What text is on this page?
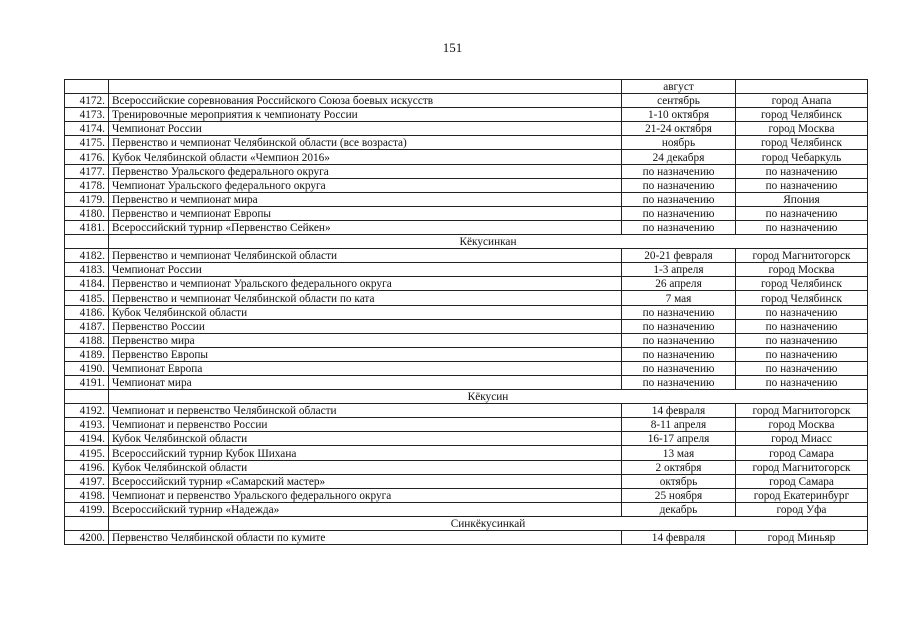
151
		август	
4172.	Всероссийские соревнования Российского Союза боевых искусств	сентябрь	город Анапа
4173.	Тренировочные мероприятия к чемпионату России	1-10 октября	город Челябинск
4174.	Чемпионат России	21-24 октября	город Москва
4175.	Первенство и чемпионат Челябинской области (все возраста)	ноябрь	город Челябинск
4176.	Кубок Челябинской области «Чемпион 2016»	24 декабря	город Чебаркуль
4177.	Первенство Уральского федерального округа	по назначению	по назначению
4178.	Чемпионат Уральского федерального округа	по назначению	по назначению
4179.	Первенство и чемпионат мира	по назначению	Япония
4180.	Первенство и чемпионат Европы	по назначению	по назначению
4181.	Всероссийский турнир «Первенство Сейкен»	по назначению	по назначению
	Кёкусинкан		
4182.	Первенство и чемпионат Челябинской области	20-21 февраля	город Магнитогорск
4183.	Чемпионат России	1-3 апреля	город Москва
4184.	Первенство и чемпионат Уральского федерального округа	26 апреля	город Челябинск
4185.	Первенство и чемпионат Челябинской области по ката	7 мая	город Челябинск
4186.	Кубок Челябинской области	по назначению	по назначению
4187.	Первенство России	по назначению	по назначению
4188.	Первенство мира	по назначению	по назначению
4189.	Первенство Европы	по назначению	по назначению
4190.	Чемпионат Европа	по назначению	по назначению
4191.	Чемпионат мира	по назначению	по назначению
	Кёкусин		
4192.	Чемпионат и первенство Челябинской области	14 февраля	город Магнитогорск
4193.	Чемпионат и первенство России	8-11 апреля	город Москва
4194.	Кубок Челябинской области	16-17 апреля	город Миасс
4195.	Всероссийский турнир Кубок Шихана	13 мая	город Самара
4196.	Кубок Челябинской области	2 октября	город Магнитогорск
4197.	Всероссийский турнир «Самарский мастер»	октябрь	город Самара
4198.	Чемпионат и первенство Уральского федерального округа	25 ноября	город Екатеринбург
4199.	Всероссийский турнир «Надежда»	декабрь	город Уфа
	Синкёкусинкай		
4200.	Первенство Челябинской области по кумите	14 февраля	город Миньяр
